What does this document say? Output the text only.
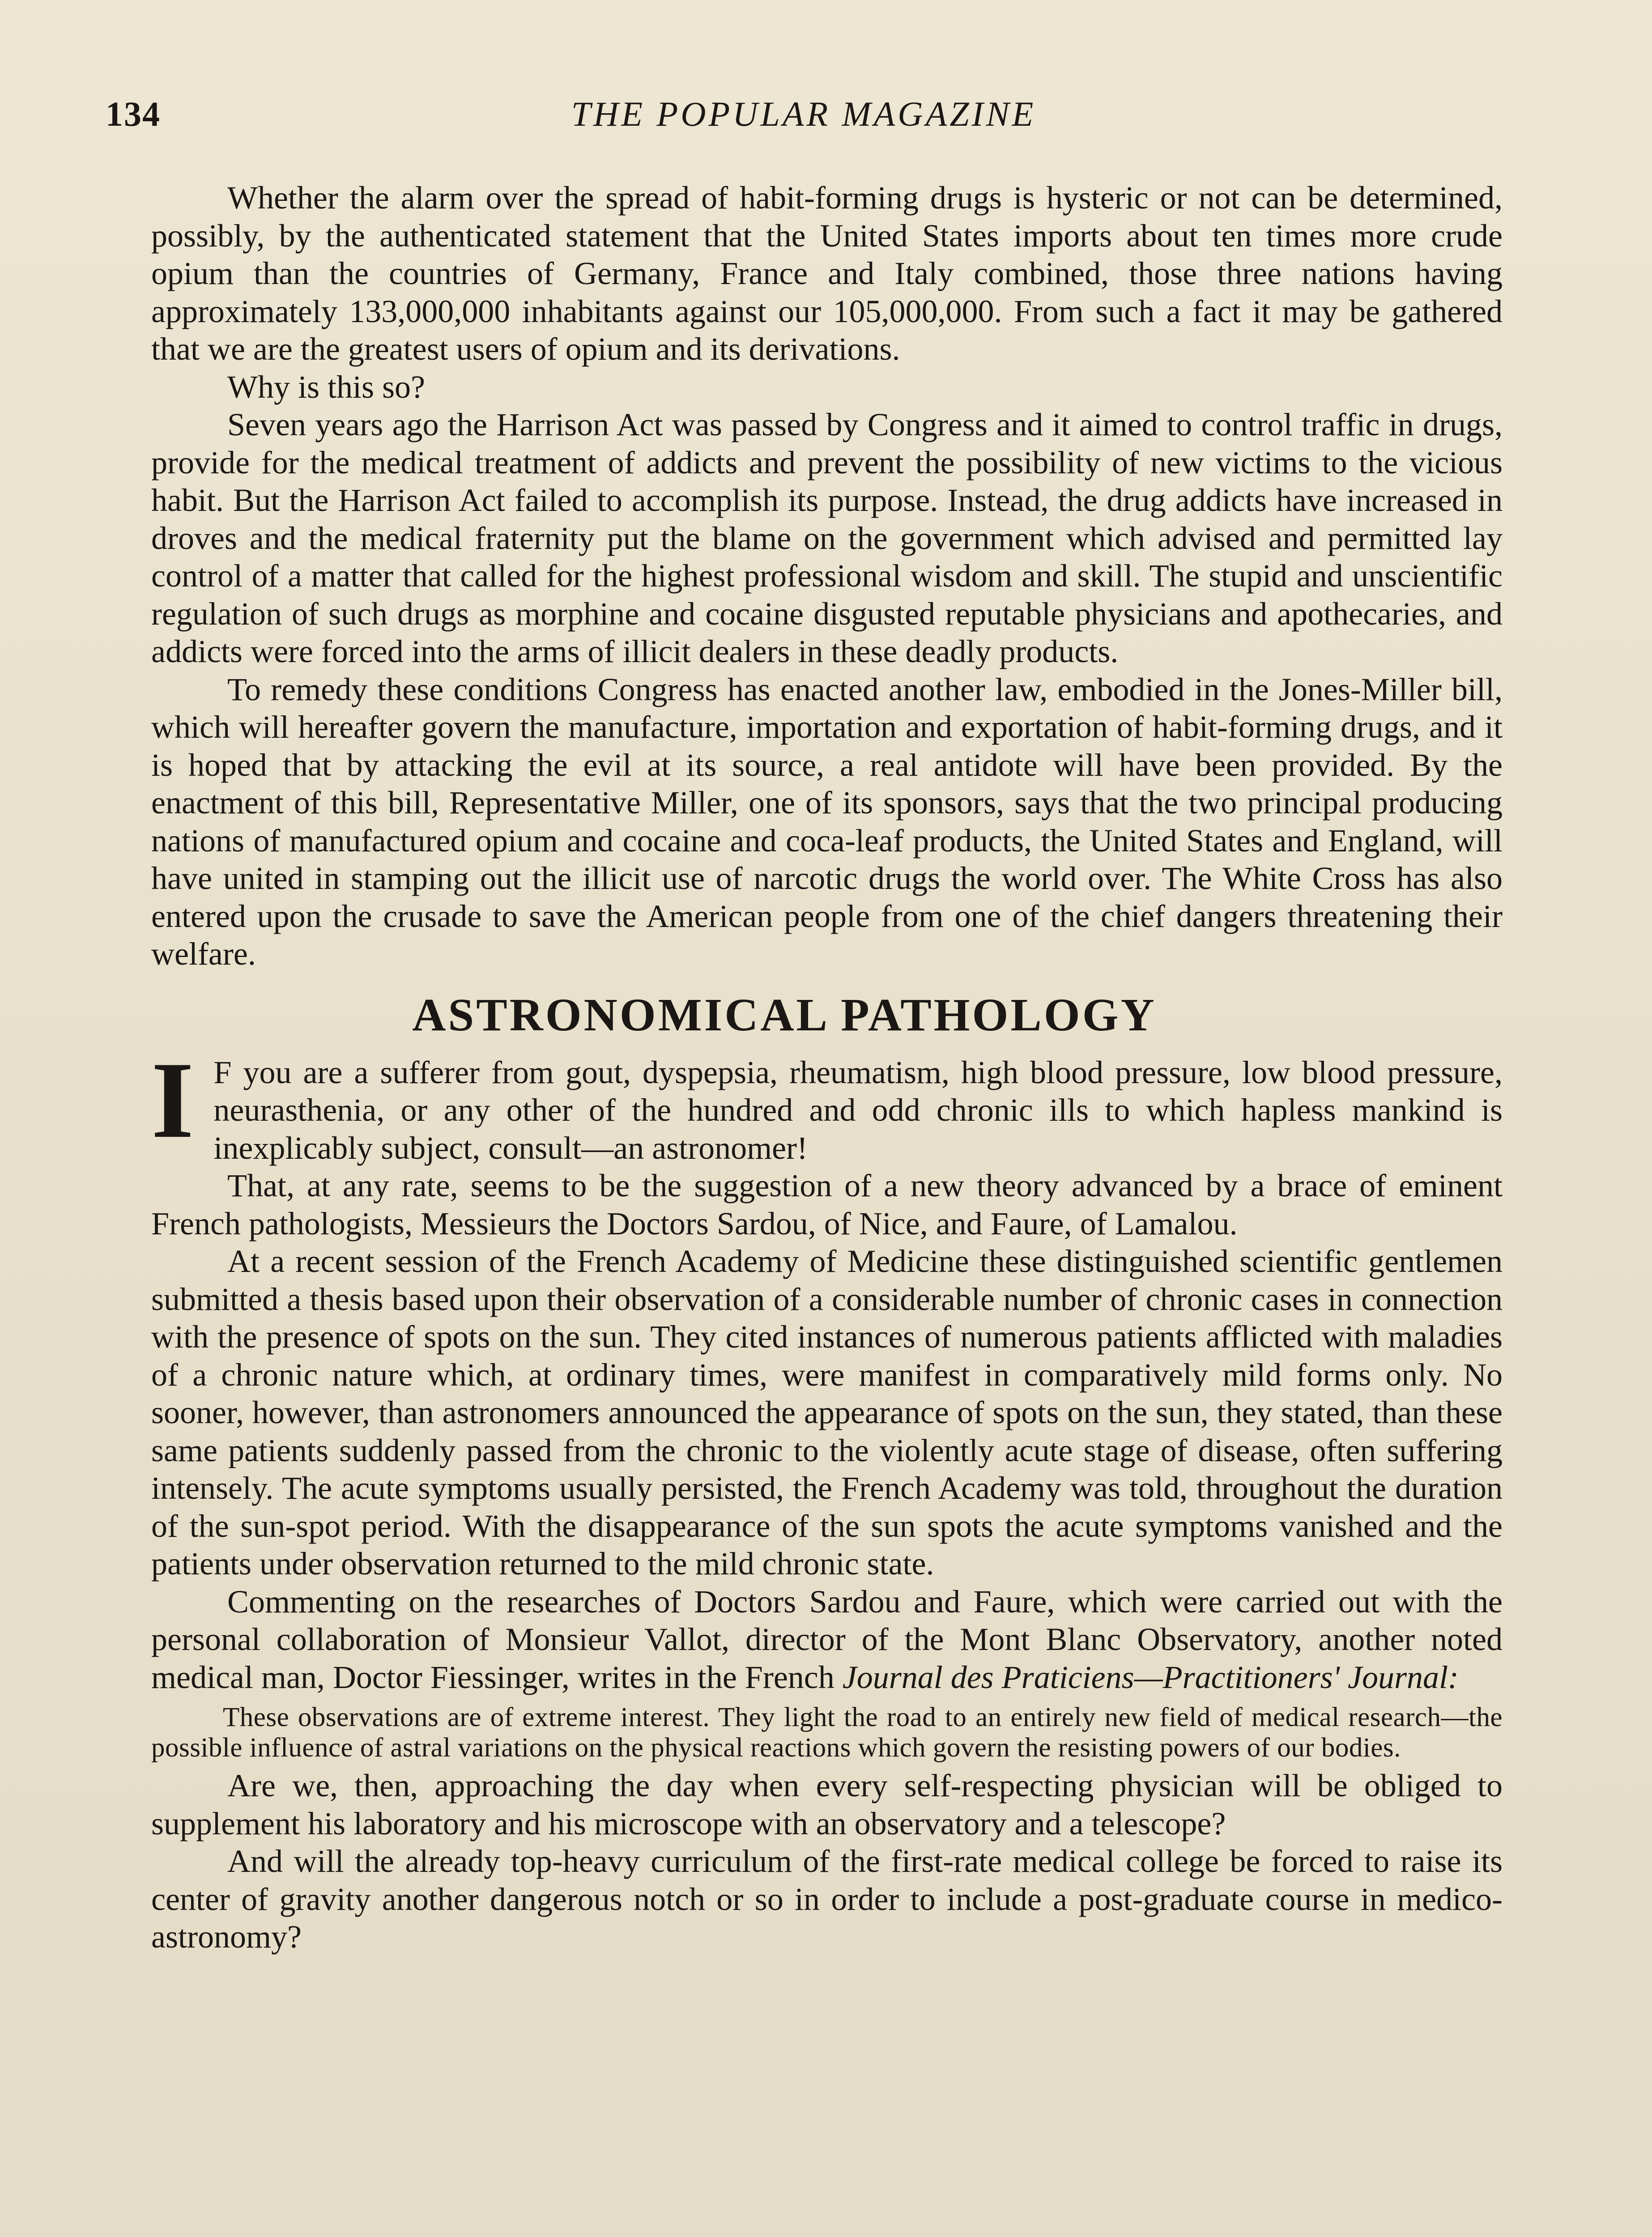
134	THE POPULAR MAGAZINE

Whether the alarm over the spread of habit-forming drugs is hysteric or not can be determined, possibly, by the authenticated statement that the United States imports about ten times more crude opium than the countries of Germany, France and Italy combined, those three nations having approximately 133,000,000 inhabitants against our 105,000,000. From such a fact it may be gathered that we are the greatest users of opium and its derivations.

Why is this so?

Seven years ago the Harrison Act was passed by Congress and it aimed to control traffic in drugs, provide for the medical treatment of addicts and prevent the possibility of new victims to the vicious habit. But the Harrison Act failed to accomplish its purpose. Instead, the drug addicts have increased in droves and the medical fraternity put the blame on the government which advised and permitted lay control of a matter that called for the highest professional wisdom and skill. The stupid and unscientific regulation of such drugs as morphine and cocaine disgusted reputable physicians and apothecaries, and addicts were forced into the arms of illicit dealers in these deadly products.

To remedy these conditions Congress has enacted another law, embodied in the Jones-Miller bill, which will hereafter govern the manufacture, importation and exportation of habit-forming drugs, and it is hoped that by attacking the evil at its source, a real antidote will have been provided. By the enactment of this bill, Representative Miller, one of its sponsors, says that the two principal producing nations of manufactured opium and cocaine and coca-leaf products, the United States and England, will have united in stamping out the illicit use of narcotic drugs the world over. The White Cross has also entered upon the crusade to save the American people from one of the chief dangers threatening their welfare.

ASTRONOMICAL PATHOLOGY

I F you are a sufferer from gout, dyspepsia, rheumatism, high blood pressure, low blood pressure, neurasthenia, or any other of the hundred and odd chronic ills to which hapless mankind is inexplicably subject, consult—an astronomer!

That, at any rate, seems to be the suggestion of a new theory advanced by a brace of eminent French pathologists, Messieurs the Doctors Sardou, of Nice, and Faure, of Lamalou.

At a recent session of the French Academy of Medicine these distinguished scientific gentlemen submitted a thesis based upon their observation of a considerable number of chronic cases in connection with the presence of spots on the sun. They cited instances of numerous patients afflicted with maladies of a chronic nature which, at ordinary times, were manifest in comparatively mild forms only. No sooner, however, than astronomers announced the appearance of spots on the sun, they stated, than these same patients suddenly passed from the chronic to the violently acute stage of disease, often suffering intensely. The acute symptoms usually persisted, the French Academy was told, throughout the duration of the sun-spot period. With the disappearance of the sun spots the acute symptoms vanished and the patients under observation returned to the mild chronic state.

Commenting on the researches of Doctors Sardou and Faure, which were carried out with the personal collaboration of Monsieur Vallot, director of the Mont Blanc Observatory, another noted medical man, Doctor Fiessinger, writes in the French Journal des Praticiens—Practitioners' Journal:

These observations are of extreme interest. They light the road to an entirely new field of medical research—the possible influence of astral variations on the physical reactions which govern the resisting powers of our bodies.

Are we, then, approaching the day when every self-respecting physician will be obliged to supplement his laboratory and his microscope with an observatory and a telescope?

And will the already top-heavy curriculum of the first-rate medical college be forced to raise its center of gravity another dangerous notch or so in order to include a post-graduate course in medico-astronomy?
